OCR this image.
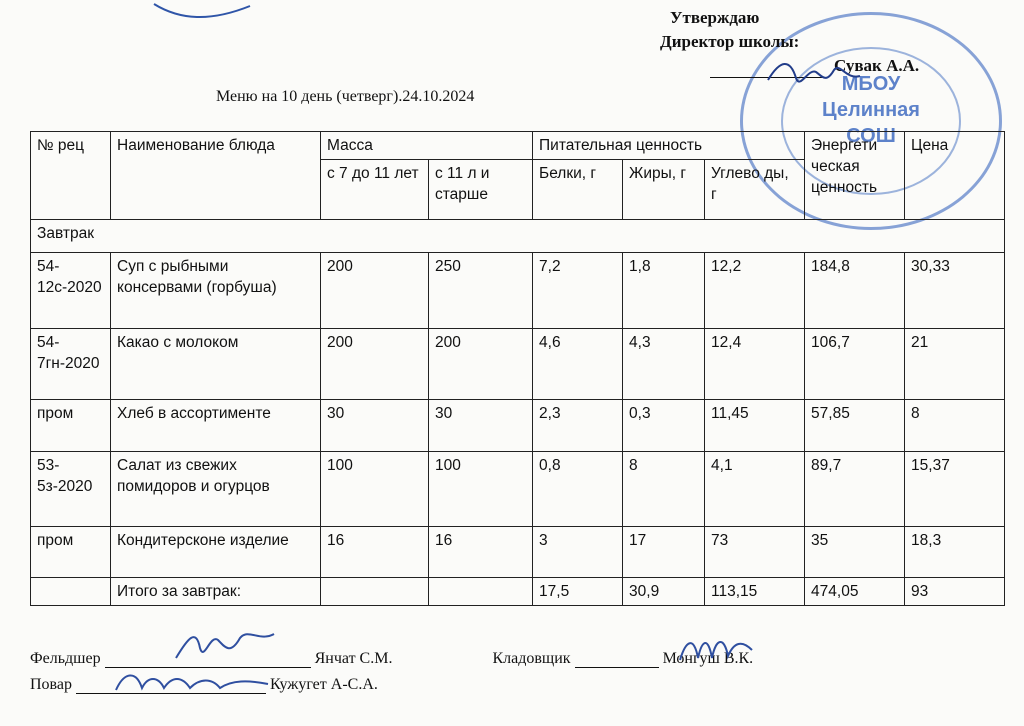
МБОУ
Целинная
СОШ
Утверждаю
Директор школы:
Сувак А.А.
Меню на 10 день (четверг).24.10.2024
№ рец	Наименование блюда	Масса		Питательная ценность			Энергети ческая ценность	Цена
		с 7 до 11 лет	с 11 л и старше	Белки, г	Жиры, г	Углево ды, г		
Завтрак								
54-12с-2020	Суп с рыбными консервами (горбуша)	200	250	7,2	1,8	12,2	184,8	30,33
54-7гн-2020	Какао с молоком	200	200	4,6	4,3	12,4	106,7	21
пром	Хлеб в ассортименте	30	30	2,3	0,3	11,45	57,85	8
53-5з-2020	Салат из свежих помидоров и огурцов	100	100	0,8	8	4,1	89,7	15,37
пром	Кондитерсконе изделие	16	16	3	17	73	35	18,3
	Итого за завтрак:			17,5	30,9	113,15	474,05	93
Фельдшер	Янчат С.М.	Кладовщик	Монгуш В.К.
Повар	Кужугет А-С.А.
